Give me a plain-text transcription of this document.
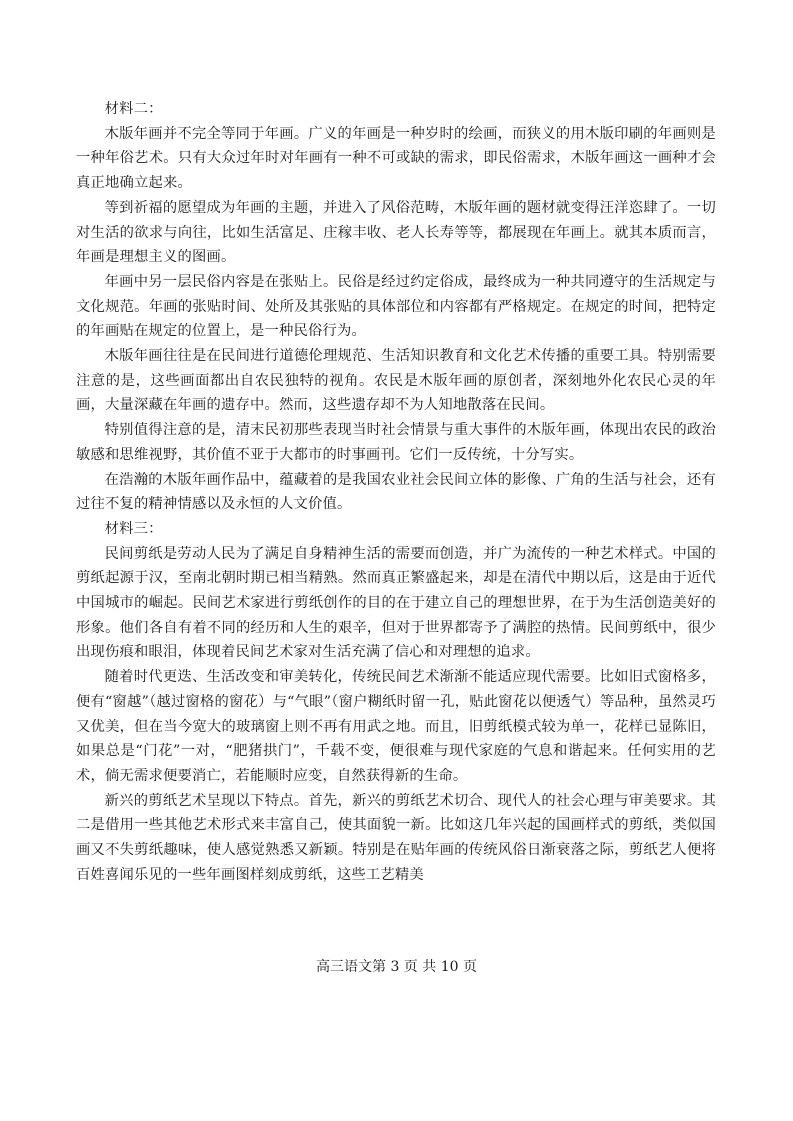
材料二：

木版年画并不完全等同于年画。广义的年画是一种岁时的绘画，而狭义的用木版印刷的年画则是一种年俗艺术。只有大众过年时对年画有一种不可或缺的需求，即民俗需求，木版年画这一画种才会真正地确立起来。

等到祈福的愿望成为年画的主题，并进入了风俗范畴，木版年画的题材就变得汪洋恣肆了。一切对生活的欲求与向往，比如生活富足、庄稼丰收、老人长寿等等，都展现在年画上。就其本质而言，年画是理想主义的图画。

年画中另一层民俗内容是在张贴上。民俗是经过约定俗成，最终成为一种共同遵守的生活规定与文化规范。年画的张贴时间、处所及其张贴的具体部位和内容都有严格规定。在规定的时间，把特定的年画贴在规定的位置上，是一种民俗行为。

木版年画往往是在民间进行道德伦理规范、生活知识教育和文化艺术传播的重要工具。特别需要注意的是，这些画面都出自农民独特的视角。农民是木版年画的原创者，深刻地外化农民心灵的年画，大量深藏在年画的遗存中。然而，这些遗存却不为人知地散落在民间。

特别值得注意的是，清末民初那些表现当时社会情景与重大事件的木版年画，体现出农民的政治敏感和思维视野，其价值不亚于大都市的时事画刊。它们一反传统，十分写实。

在浩瀚的木版年画作品中，蕴藏着的是我国农业社会民间立体的影像、广角的生活与社会，还有过往不复的精神情感以及永恒的人文价值。

材料三：

民间剪纸是劳动人民为了满足自身精神生活的需要而创造，并广为流传的一种艺术样式。中国的剪纸起源于汉，至南北朝时期已相当精熟。然而真正繁盛起来，却是在清代中期以后，这是由于近代中国城市的崛起。民间艺术家进行剪纸创作的目的在于建立自己的理想世界，在于为生活创造美好的形象。他们各自有着不同的经历和人生的艰辛，但对于世界都寄予了满腔的热情。民间剪纸中，很少出现伤痕和眼泪，体现着民间艺术家对生活充满了信心和对理想的追求。

随着时代更迭、生活改变和审美转化，传统民间艺术渐渐不能适应现代需要。比如旧式窗格多，便有“窗越”（越过窗格的窗花）与“气眼”（窗户糊纸时留一孔，贴此窗花以便透气）等品种，虽然灵巧又优美，但在当今宽大的玻璃窗上则不再有用武之地。而且，旧剪纸模式较为单一，花样已显陈旧，如果总是“门花”一对，“肥猪拱门”，千载不变，便很难与现代家庭的气息和谐起来。任何实用的艺术，倘无需求便要消亡，若能顺时应变，自然获得新的生命。

新兴的剪纸艺术呈现以下特点。首先，新兴的剪纸艺术切合、现代人的社会心理与审美要求。其二是借用一些其他艺术形式来丰富自己，使其面貌一新。比如这几年兴起的国画样式的剪纸，类似国画又不失剪纸趣味，使人感觉熟悉又新颖。特别是在贴年画的传统风俗日渐衰落之际，剪纸艺人便将百姓喜闻乐见的一些年画图样刻成剪纸，这些工艺精美

高三语文第 3 页 共 10 页
